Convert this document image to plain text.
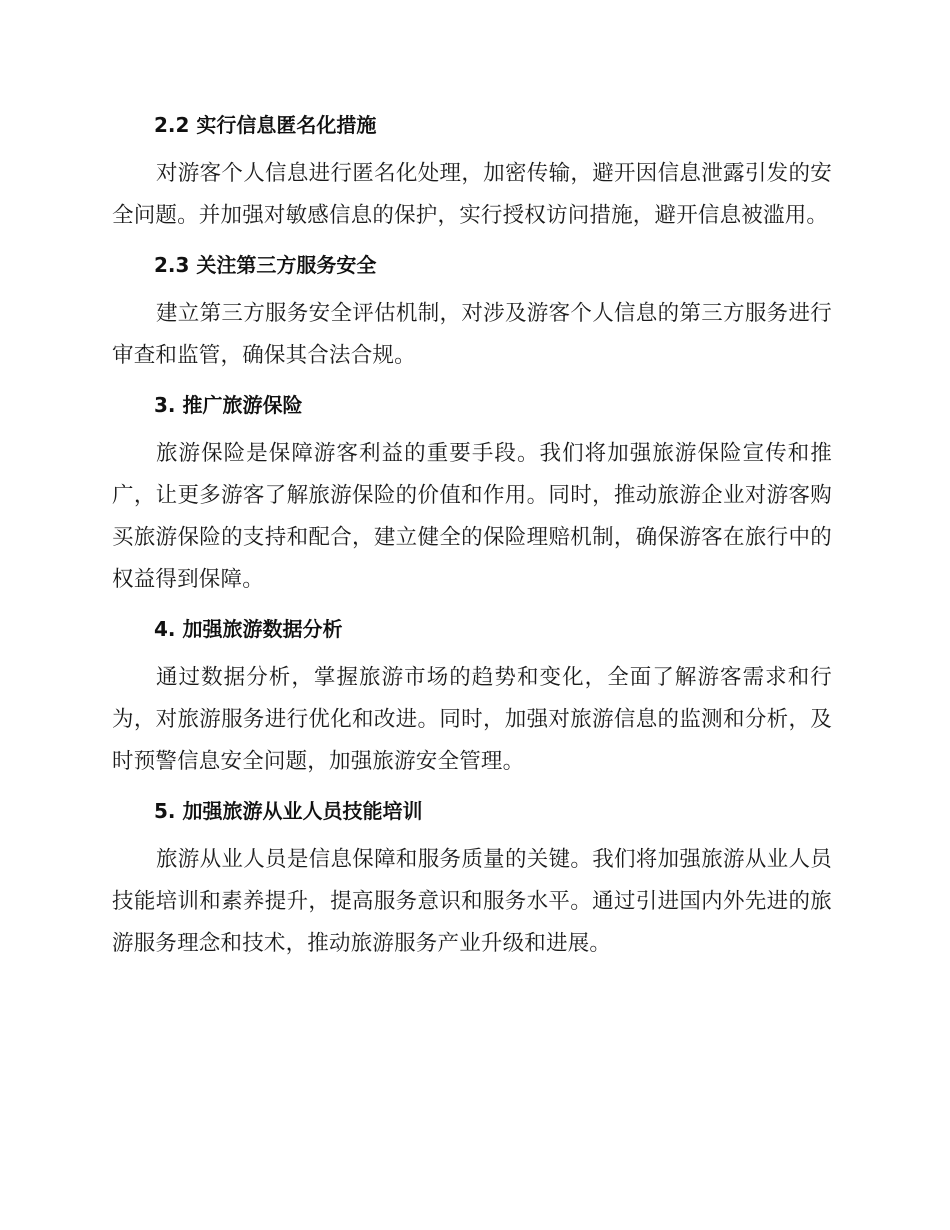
2.2 实行信息匿名化措施

对游客个人信息进行匿名化处理，加密传输，避开因信息泄露引发的安全问题。并加强对敏感信息的保护，实行授权访问措施，避开信息被滥用。

2.3 关注第三方服务安全

建立第三方服务安全评估机制，对涉及游客个人信息的第三方服务进行审查和监管，确保其合法合规。

3. 推广旅游保险

旅游保险是保障游客利益的重要手段。我们将加强旅游保险宣传和推广，让更多游客了解旅游保险的价值和作用。同时，推动旅游企业对游客购买旅游保险的支持和配合，建立健全的保险理赔机制，确保游客在旅行中的权益得到保障。

4. 加强旅游数据分析

通过数据分析，掌握旅游市场的趋势和变化，全面了解游客需求和行为，对旅游服务进行优化和改进。同时，加强对旅游信息的监测和分析，及时预警信息安全问题，加强旅游安全管理。

5. 加强旅游从业人员技能培训

旅游从业人员是信息保障和服务质量的关键。我们将加强旅游从业人员技能培训和素养提升，提高服务意识和服务水平。通过引进国内外先进的旅游服务理念和技术，推动旅游服务产业升级和进展。
